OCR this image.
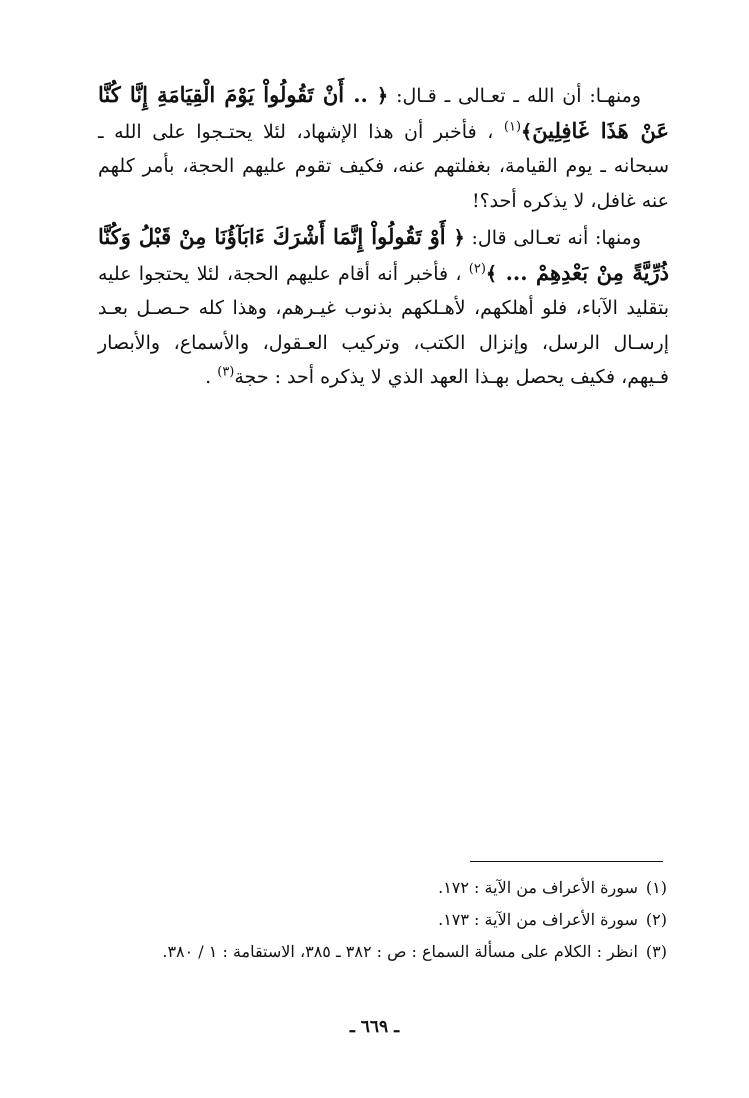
ومنهـا: أن الله ـ تعـالى ـ قـال: ﴿ .. أَنْ تَقُولُواْ يَوْمَ الْقِيَامَةِ إِنَّا كُنَّا عَنْ هَذَا غَافِلِينَ﴾$^{(١)}$ ، فأخبر أن هذا الإشهاد، لئلا يحتـجوا على الله ـ سبحانه ـ يوم القيامة، بغفلتهم عنه، فكيف تقوم عليهم الحجة، بأمر كلهم عنه غافل، لا يذكره أحد؟!

ومنها: أنه تعـالى قال: ﴿ أَوْ تَقُولُواْ إِنَّمَا أَشْرَكَ ءَابَآؤُنَا مِنْ قَبْلُ وَكُنَّا ذُرِّيَّةً مِنْ بَعْدِهِمْ ... ﴾$^{(٢)}$ ، فأخبر أنه أقام عليهم الحجة، لئلا يحتجوا عليه بتقليد الآباء، فلو أهلكهم، لأهـلكهم بذنوب غيـرهم، وهذا كله حـصـل بعـد إرسـال الرسل، وإنزال الكتب، وتركيب العـقول، والأسماع، والأبصار فـيهم، فكيف يحصل بهـذا العهد الذي لا يذكره أحد : حجة$^{(٣)}$ .

(١)سورة الأعراف من الآية : ١٧٢.

(٢)سورة الأعراف من الآية : ١٧٣.

(٣)انظر : الكلام على مسألة السماع : ص : ٣٨٢ ـ ٣٨٥، الاستقامة : ١ / ٣٨٠.

ـ ٦٦٩ ـ
